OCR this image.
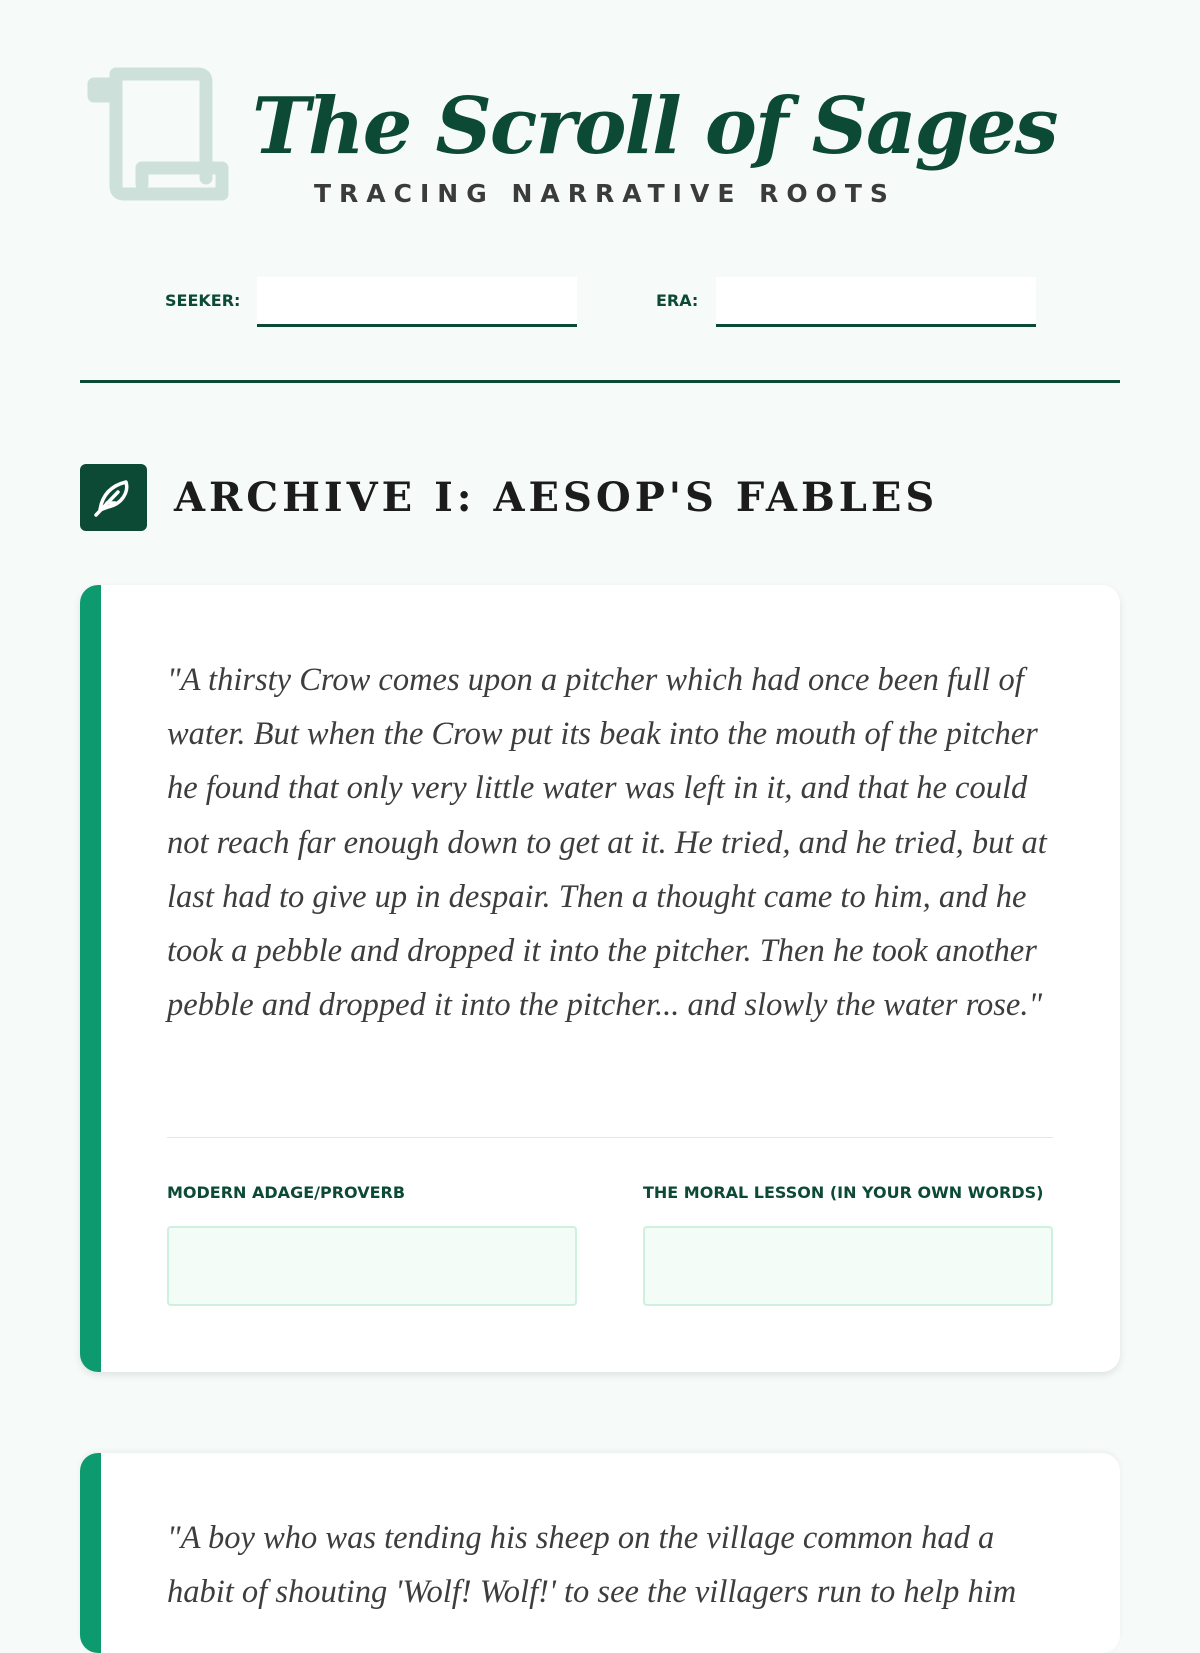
The Scroll of Sages
TRACING NARRATIVE ROOTS
SEEKER:	ERA:
ARCHIVE I: AESOP'S FABLES

"A thirsty Crow comes upon a pitcher which had once been full of water. But when the Crow put its beak into the mouth of the pitcher he found that only very little water was left in it, and that he could not reach far enough down to get at it. He tried, and he tried, but at last had to give up in despair. Then a thought came to him, and he took a pebble and dropped it into the pitcher. Then he took another pebble and dropped it into the pitcher... and slowly the water rose."

MODERN ADAGE/PROVERB	THE MORAL LESSON (IN YOUR OWN WORDS)

"A boy who was tending his sheep on the village common had a habit of shouting 'Wolf! Wolf!' to see the villagers run to help him
